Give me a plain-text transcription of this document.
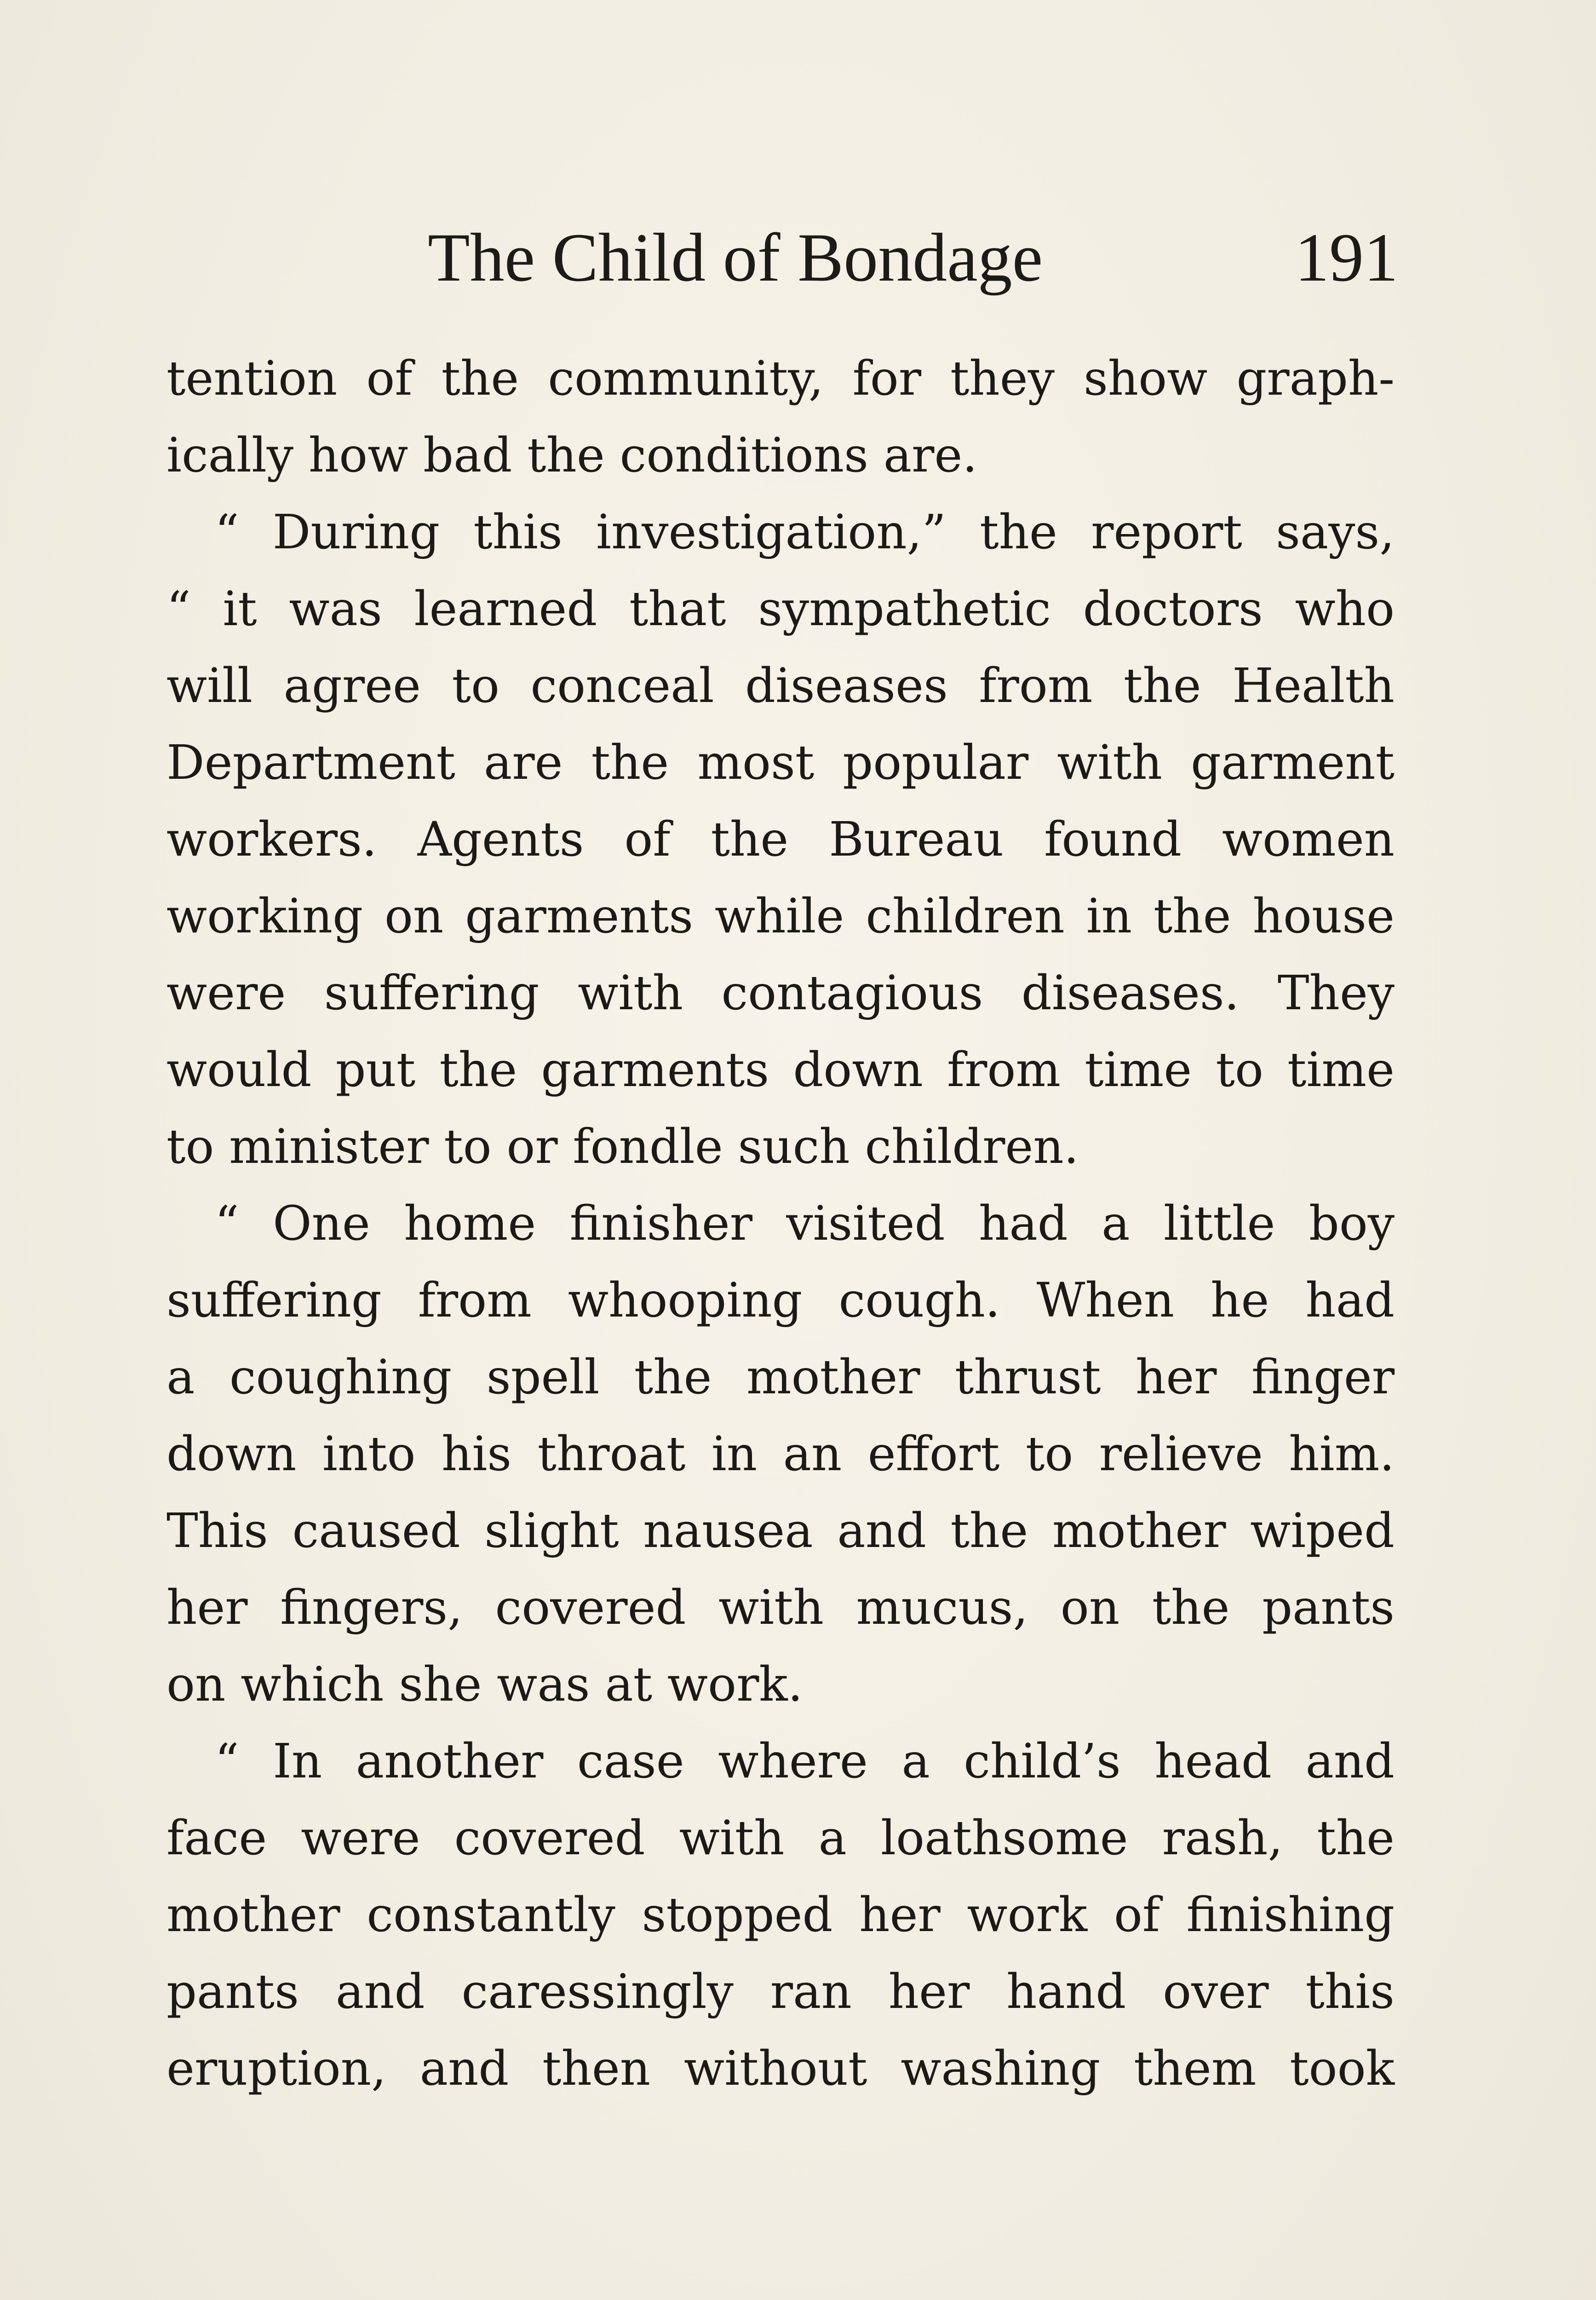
The Child of Bondage	191
tention of the community, for they show graph-
ically how bad the conditions are.
“ During this investigation,” the report says,
“ it was learned that sympathetic doctors who
will agree to conceal diseases from the Health
Department are the most popular with garment
workers. Agents of the Bureau found women
working on garments while children in the house
were suffering with contagious diseases. They
would put the garments down from time to time
to minister to or fondle such children.
“ One home finisher visited had a little boy
suffering from whooping cough. When he had
a coughing spell the mother thrust her finger
down into his throat in an effort to relieve him.
This caused slight nausea and the mother wiped
her fingers, covered with mucus, on the pants
on which she was at work.
“ In another case where a child’s head and
face were covered with a loathsome rash, the
mother constantly stopped her work of finishing
pants and caressingly ran her hand over this
eruption, and then without washing them took
